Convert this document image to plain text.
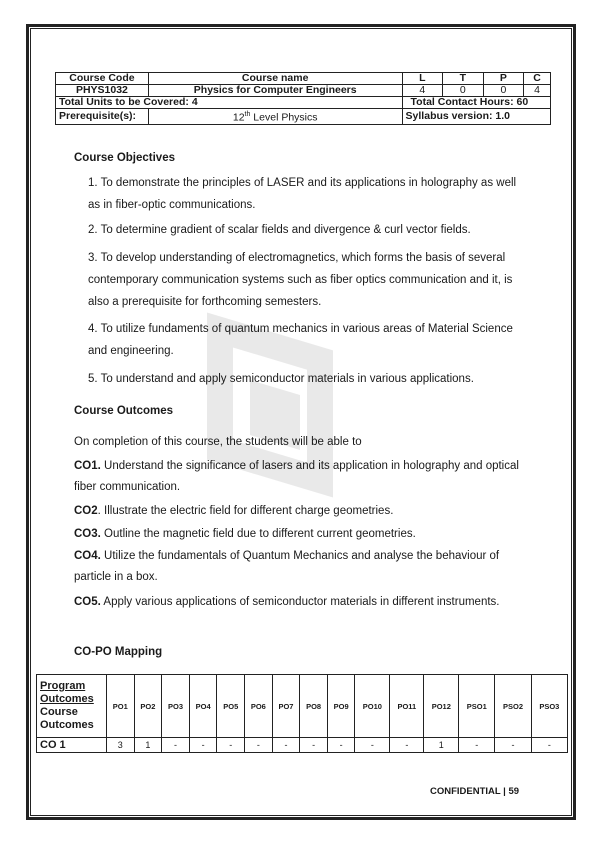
Course Code	Course name	L	T	P	C
PHYS1032	Physics for Computer Engineers	4	0	0	4
Total Units to be Covered: 4		Total Contact Hours: 60			
Prerequisite(s):	12th Level Physics	Syllabus version: 1.0			
Course Objectives
1. To demonstrate the principles of LASER and its applications in holography as well as in fiber-optic communications.
2. To determine gradient of scalar fields and divergence & curl vector fields.
3. To develop understanding of electromagnetics, which forms the basis of several contemporary communication systems such as fiber optics communication and it, is also a prerequisite for forthcoming semesters.
4. To utilize fundaments of quantum mechanics in various areas of Material Science and engineering.
5. To understand and apply semiconductor materials in various applications.
Course Outcomes
On completion of this course, the students will be able to
CO1. Understand the significance of lasers and its application in holography and optical fiber communication.
CO2. Illustrate the electric field for different charge geometries.
CO3. Outline the magnetic field due to different current geometries.
CO4. Utilize the fundamentals of Quantum Mechanics and analyse the behaviour of particle in a box.
CO5. Apply various applications of semiconductor materials in different instruments.
CO-PO Mapping
Program Outcomes
Course Outcomes	PO1	PO2	PO3	PO4	PO5	PO6	PO7	PO8	PO9	PO10	PO11	PO12	PSO1	PSO2	PSO3
CO 1	3	1	-	-	-	-	-	-	-	-	-	1	-	-	-
CONFIDENTIAL | 59
